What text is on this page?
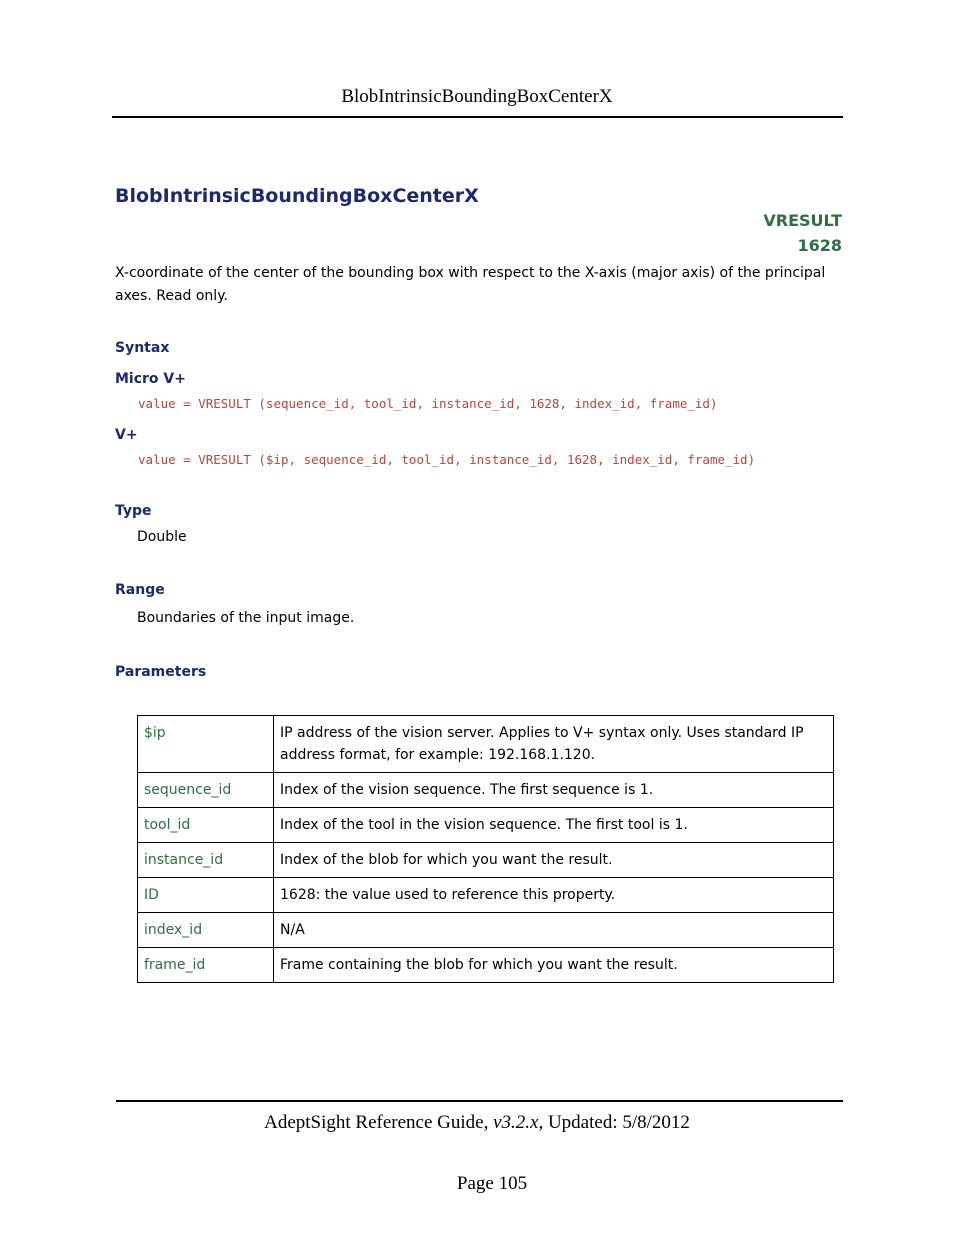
BlobIntrinsicBoundingBoxCenterX
BlobIntrinsicBoundingBoxCenterX
VRESULT
1628
X-coordinate of the center of the bounding box with respect to the X-axis (major axis) of the principal axes. Read only.
Syntax
Micro V+
value = VRESULT (sequence_id, tool_id, instance_id, 1628, index_id, frame_id)
V+
value = VRESULT ($ip, sequence_id, tool_id, instance_id, 1628, index_id, frame_id)
Type
Double
Range
Boundaries of the input image.
Parameters
$ip	IP address of the vision server. Applies to V+ syntax only. Uses standard IP address format, for example: 192.168.1.120.
sequence_id	Index of the vision sequence. The first sequence is 1.
tool_id	Index of the tool in the vision sequence. The first tool is 1.
instance_id	Index of the blob for which you want the result.
ID	1628: the value used to reference this property.
index_id	N/A
frame_id	Frame containing the blob for which you want the result.
AdeptSight Reference Guide, v3.2.x, Updated: 5/8/2012
Page 105
